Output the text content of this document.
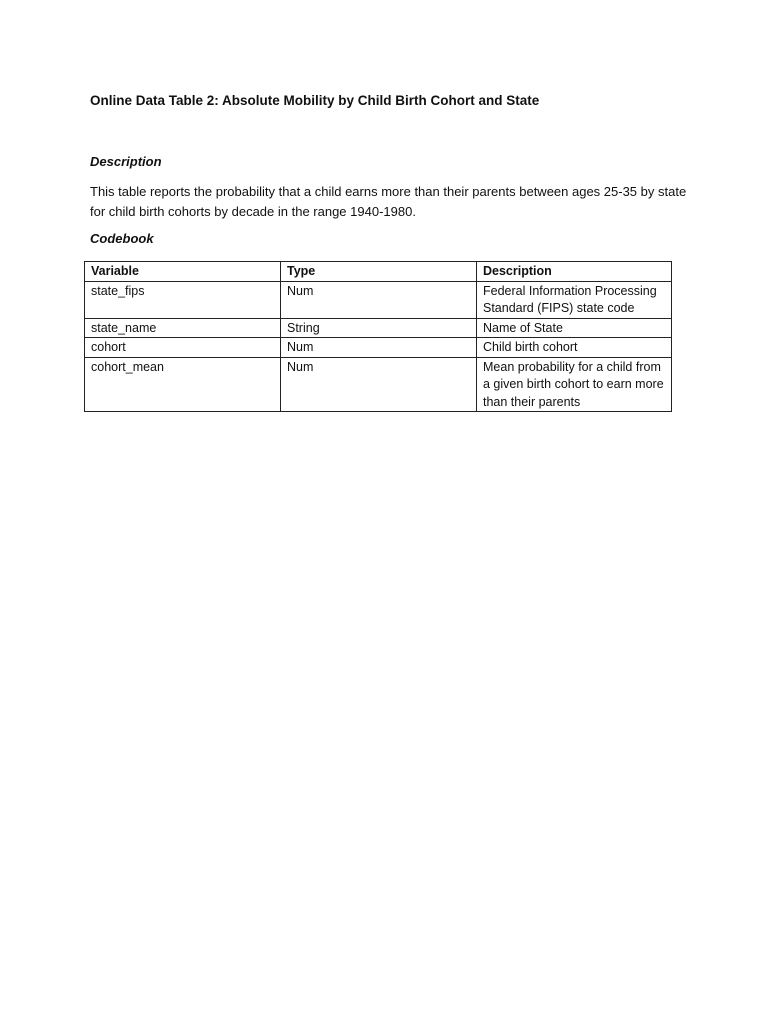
Online Data Table 2: Absolute Mobility by Child Birth Cohort and State
Description
This table reports the probability that a child earns more than their parents between ages 25-35 by state for child birth cohorts by decade in the range 1940-1980.
Codebook
Variable	Type	Description
state_fips	Num	Federal Information Processing Standard (FIPS) state code
state_name	String	Name of State
cohort	Num	Child birth cohort
cohort_mean	Num	Mean probability for a child from a given birth cohort to earn more than their parents
